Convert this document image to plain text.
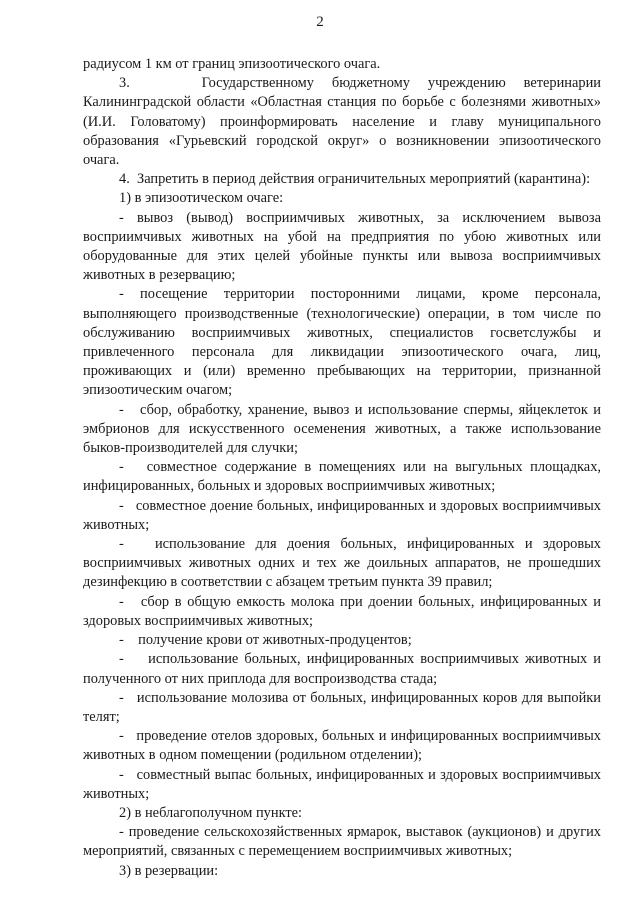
2

радиусом 1 км от границ эпизоотического очага.

3.    Государственному бюджетному учреждению ветеринарии Калининградской области «Областная станция по борьбе с болезнями животных» (И.И. Головатому) проинформировать население и главу муниципального образования «Гурьевский городской округ» о возникновении эпизоотического очага.

4.  Запретить в период действия ограничительных мероприятий (карантина):

1) в эпизоотическом очаге:

- вывоз (вывод) восприимчивых животных, за исключением вывоза восприимчивых животных на убой на предприятия по убою животных или оборудованные для этих целей убойные пункты или вывоза восприимчивых животных в резервацию;

- посещение территории посторонними лицами, кроме персонала, выполняющего производственные (технологические) операции, в том числе по обслуживанию восприимчивых животных, специалистов госветслужбы и привлеченного персонала для ликвидации эпизоотического очага, лиц, проживающих и (или) временно пребывающих на территории, признанной эпизоотическим очагом;

-   сбор, обработку, хранение, вывоз и использование спермы, яйцеклеток и эмбрионов для искусственного осеменения животных, а также использование быков-производителей для случки;

-   совместное содержание в помещениях или на выгульных площадках, инфицированных, больных и здоровых восприимчивых животных;

-   совместное доение больных, инфицированных и здоровых восприимчивых животных;

-   использование для доения больных, инфицированных и здоровых восприимчивых животных одних и тех же доильных аппаратов, не прошедших дезинфекцию в соответствии с абзацем третьим пункта 39 правил;

-   сбор в общую емкость молока при доении больных, инфицированных и здоровых восприимчивых животных;

-    получение крови от животных-продуцентов;

-    использование больных, инфицированных восприимчивых животных и полученного от них приплода для воспроизводства стада;

-   использование молозива от больных, инфицированных коров для выпойки телят;

-   проведение отелов здоровых, больных и инфицированных восприимчивых животных в одном помещении (родильном отделении);

-   совместный выпас больных, инфицированных и здоровых восприимчивых животных;

2) в неблагополучном пункте:

- проведение сельскохозяйственных ярмарок, выставок (аукционов) и других мероприятий, связанных с перемещением восприимчивых животных;

3) в резервации:
